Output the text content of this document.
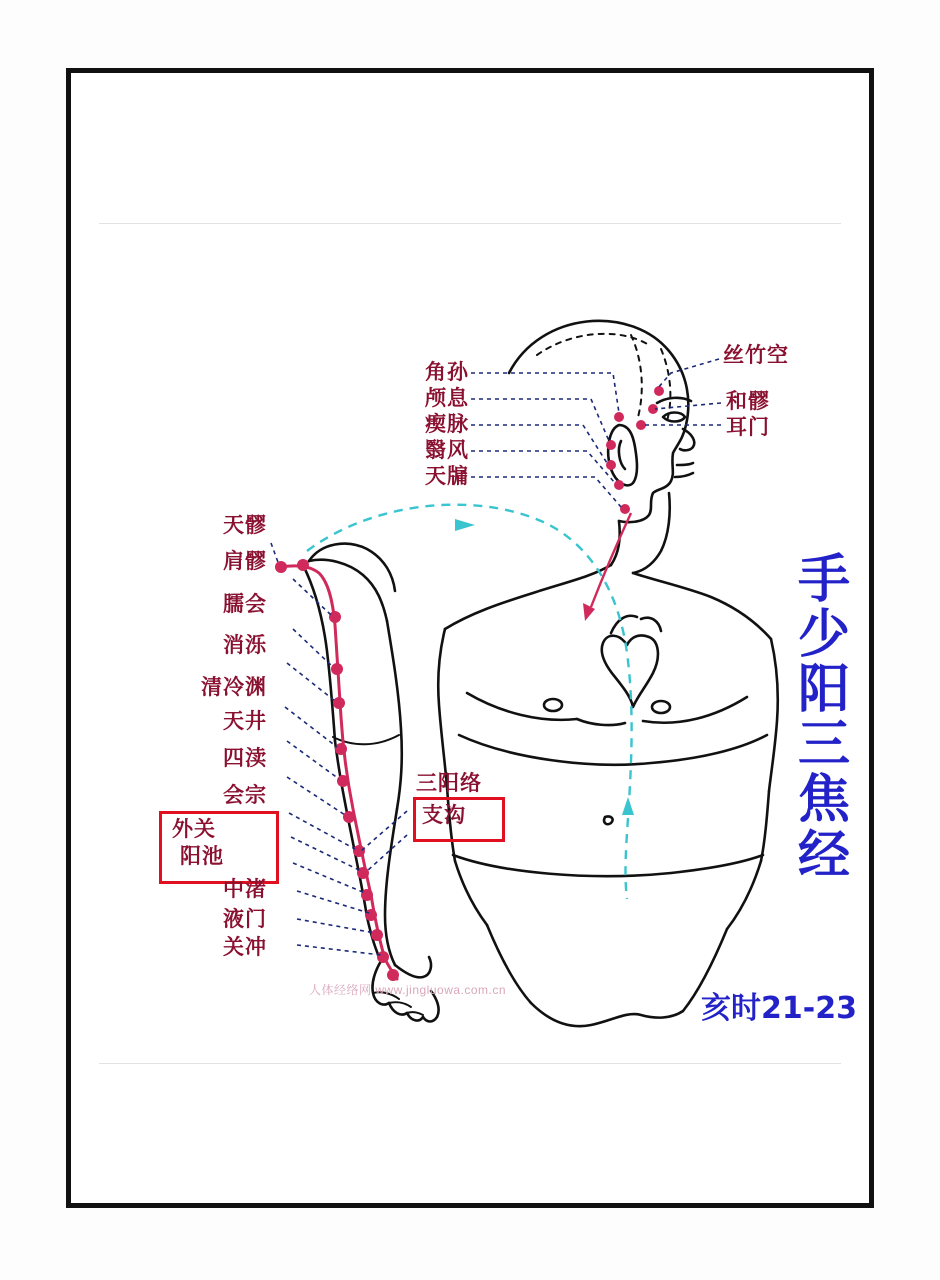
角孙
颅息
瘈脉
翳风
天牖
丝竹空
和髎
耳门
天髎
肩髎
臑会
消泺
清冷渊
天井
四渎
会宗
外关
阳池
中渚
液门
关冲
三阳络
支沟
手
少
阳
三
焦
经
亥时21-23
人体经络网 www.jingluowa.com.cn
